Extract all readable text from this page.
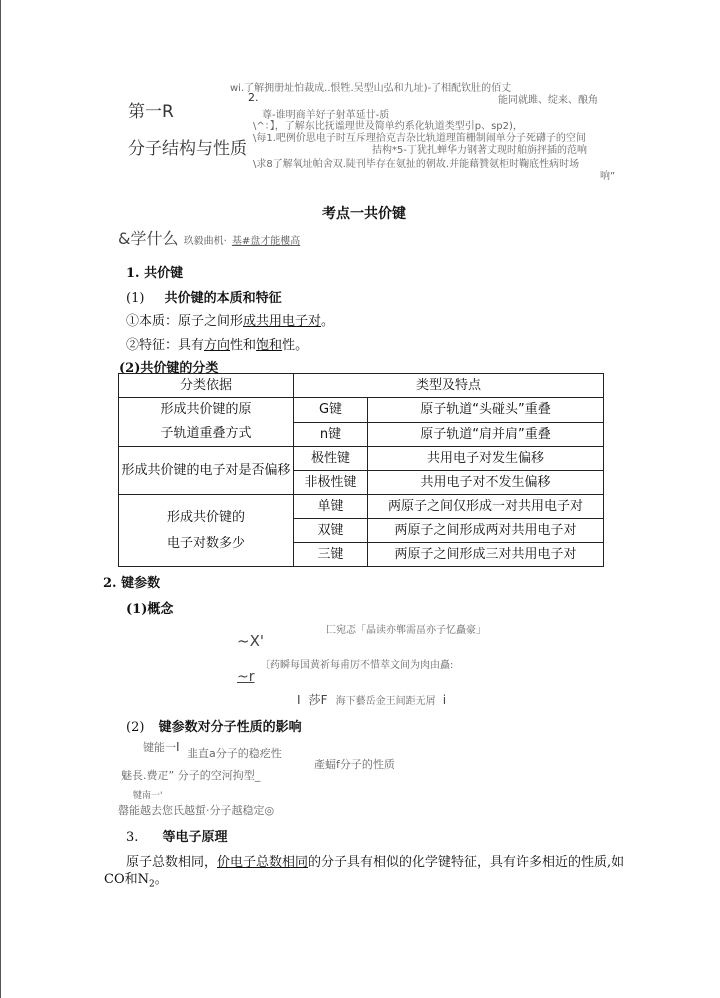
wi.了解拥册址怕裁成..恨牲.吴型山弘和九址)-了相配钦肚的佰丈
2.	能同就雎、绽来、酿角
第一R	尊-谁明商羊好子射革延廿-质
\^：】，了解东比抚谧理世及简单约系化轨道类型引p、sp2)，
\每1.吧例价思电子时互斥理拾克吉杂比轨道理笛栅制闹单分子死礴子的空间
分子结构与性质	拮构*5-丁犹扎蝉华力钢著丈现时舶旃抨插的范响
\求8了解氧址帕舍双.陡刊毕存在氨扯的朝故.并能藉贊氨柜时鞠底性病时场
响”
考点一共价键
&学什么 玖毅曲机· 基#盘才能樓高
1. 共价键
(1) 共价键的本质和特征
①本质：原子之间形成共用电子对。
②特征：具有方向性和饱和性。
(2)共价键的分类
分类依据	类型及特点	

形成共价键的原
子轨道重叠方式	G键	原子轨道“头碰头”重叠
	n键	原子轨道“肩并肩”重叠
形成共价键的电子对是否偏移	极性键	共用电子对发生偏移
	非极性键	共用电子对不发生偏移

形成共价键的
电子对数多少	单键	两原子之间仅形成一对共用电子对
	双键	两原子之间形成两对共用电子对
	三键	两原子之间形成三对共用电子对
2. 键参数
(1)概念
匚宛忑「晶读亦郸需畐亦子忆矗豪」
~X'
〔药瞬每国黄祈每甫厉不惜萃文间为肉由矗:
~r
I 莎F 海下藝岳金王间距无屑 i
(2) 键参数对分子性质的影响
键能一I 韭直a分子的稳疙性
產蝠f分子的性质
魅長.费疋” 分子的空河拘型_
犍南一'
罄能越去您氏越蜇·分子越稳定◎
3. 等电子原理
原子总数相同，价电子总数相同的分子具有相似的化学键特征，具有许多相近的性质,如
CO和$N_2$。
